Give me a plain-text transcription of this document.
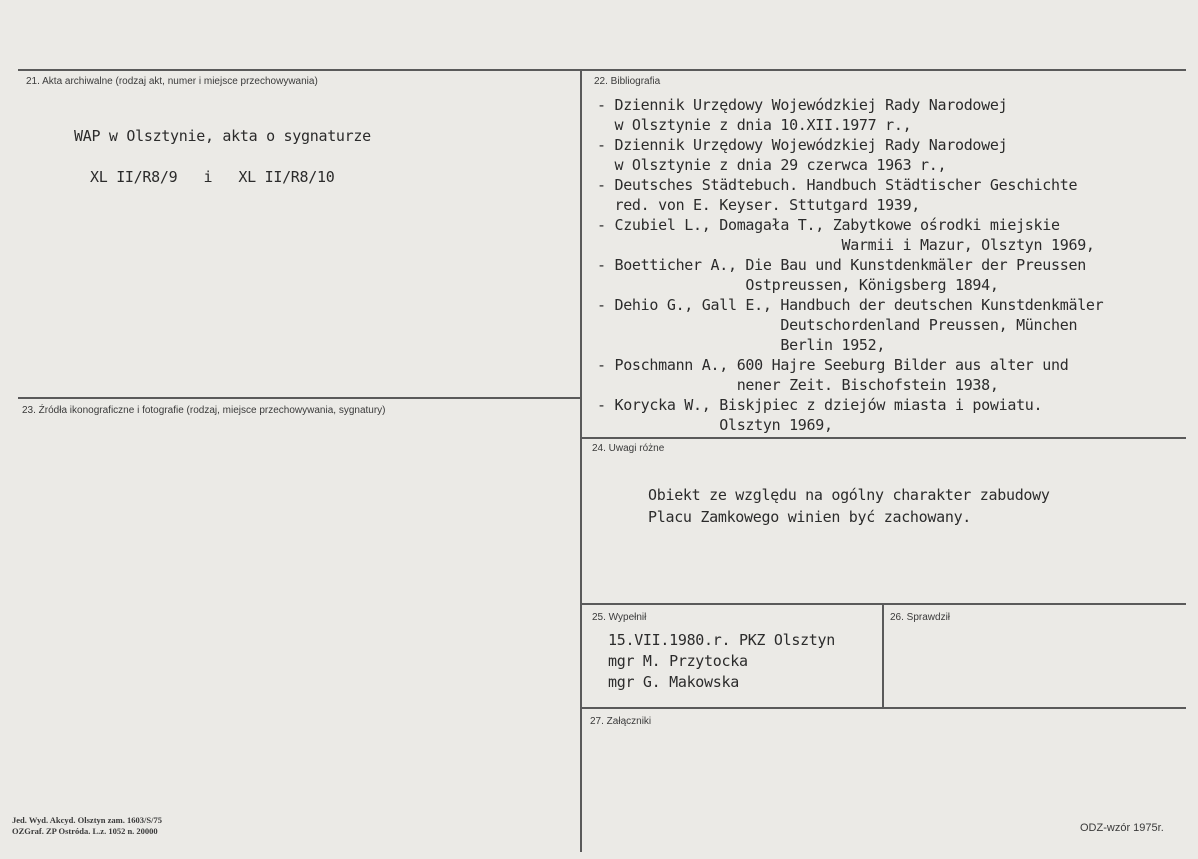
21. Akta archiwalne (rodzaj akt, numer i miejsce przechowywania)
WAP w Olsztynie, akta o sygnaturze
XL II/R8/9   i   XL II/R8/10
22. Bibliografia
- Dziennik Urzędowy Wojewódzkiej Rady Narodowej
w Olsztynie z dnia 10.XII.1977 r.,
- Dziennik Urzędowy Wojewódzkiej Rady Narodowej
w Olsztynie z dnia 29 czerwca 1963 r.,
- Deutsches Städtebuch. Handbuch Städtischer Geschichte
red. von E. Keyser. Sttutgard 1939,
- Czubiel L., Domagała T., Zabytkowe ośrodki miejskie
Warmii i Mazur, Olsztyn 1969,
- Boetticher A., Die Bau und Kunstdenkmäler der Preussen
Ostpreussen, Königsberg 1894,
- Dehio G., Gall E., Handbuch der deutschen Kunstdenkmäler
Deutschordenland Preussen, München
Berlin 1952,
- Poschmann A., 600 Hajre Seeburg Bilder aus alter und
nener Zeit. Bischofstein 1938,
- Korycka W., Biskjpiec z dziejów miasta i powiatu.
Olsztyn 1969,
23. Źródła ikonograficzne i fotografie (rodzaj, miejsce przechowywania, sygnatury)
24. Uwagi różne
Obiekt ze względu na ogólny charakter zabudowy
Placu Zamkowego winien być zachowany.
25. Wypełnił
15.VII.1980.r. PKZ Olsztyn
mgr M. Przytocka
mgr G. Makowska
26. Sprawdził
27. Załączniki
Jed. Wyd. Akcyd. Olsztyn zam. 1603/S/75
OZGraf. ZP Ostróda. L.z. 1052 n. 20000	ODZ-wzór 1975r.
